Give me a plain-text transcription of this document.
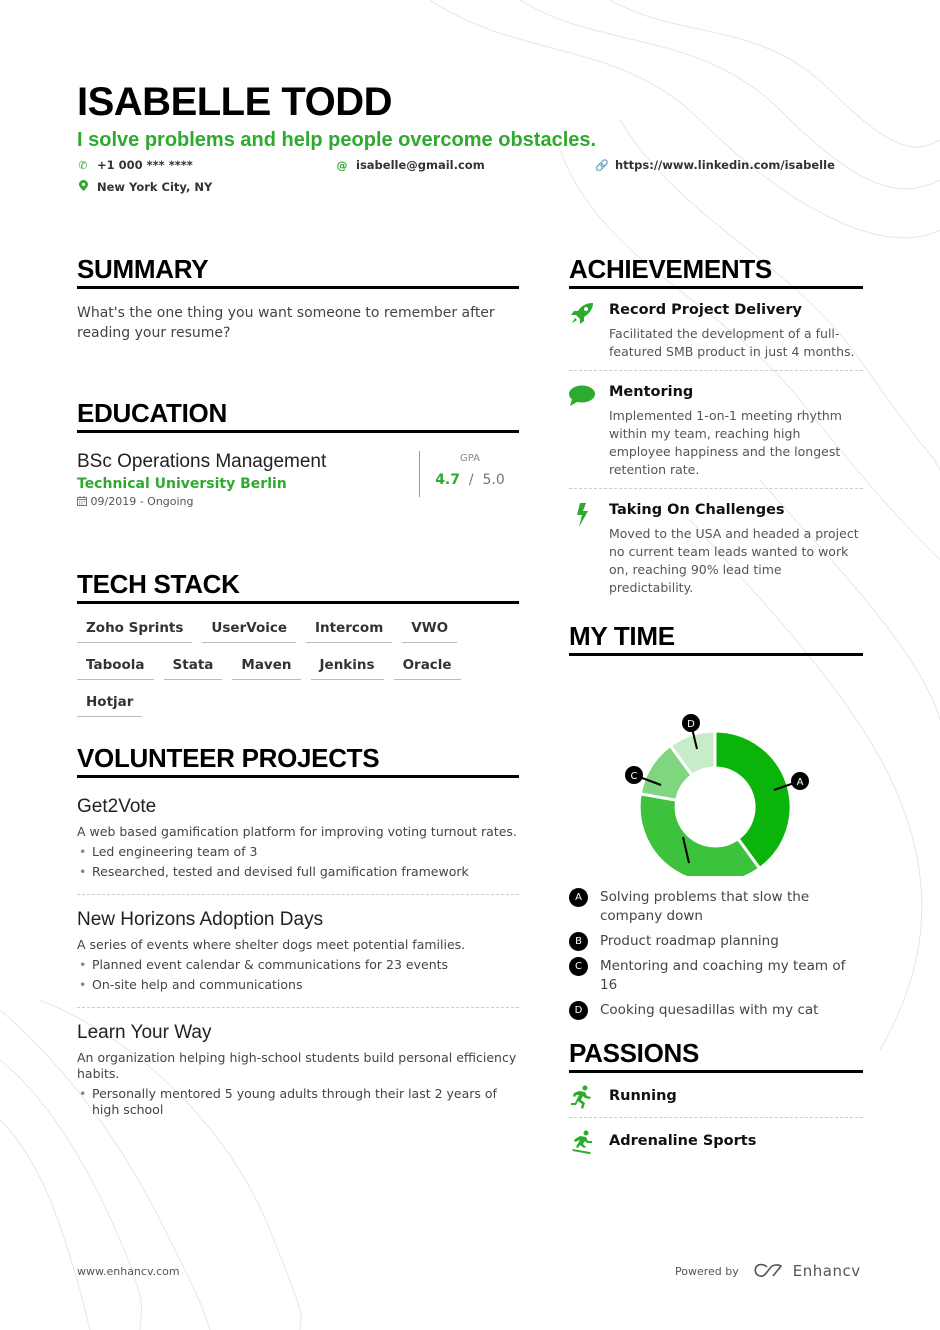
ISABELLE TODD
I solve problems and help people overcome obstacles.
✆ +1 000 *** ****	@ isabelle@gmail.com	🔗 https://www.linkedin.com/isabelle
New York City, NY
SUMMARY
What's the one thing you want someone to remember after reading your resume?
EDUCATION
BSc Operations Management
Technical University Berlin
09/2019 - Ongoing
GPA
4.7 / 5.0
TECH STACK
Zoho Sprints	UserVoice	Intercom	VWO
Taboola	Stata	Maven	Jenkins	Oracle
Hotjar
VOLUNTEER PROJECTS
Get2Vote
A web based gamification platform for improving voting turnout rates.
• Led engineering team of 3
• Researched, tested and devised full gamification framework
New Horizons Adoption Days
A series of events where shelter dogs meet potential families.
• Planned event calendar & communications for 23 events
• On-site help and communications
Learn Your Way
An organization helping high-school students build personal efficiency habits.
• Personally mentored 5 young adults through their last 2 years of high school
ACHIEVEMENTS
Record Project Delivery
Facilitated the development of a full-featured SMB product in just 4 months.
Mentoring
Implemented 1-on-1 meeting rhythm within my team, reaching high employee happiness and the longest retention rate.
Taking On Challenges
Moved to the USA and headed a project no current team leads wanted to work on, reaching 90% lead time predictability.
MY TIME
A
C
D
A	Solving problems that slow the company down
B	Product roadmap planning
C	Mentoring and coaching my team of 16
D	Cooking quesadillas with my cat
PASSIONS
Running
Adrenaline Sports
www.enhancv.com	Powered by	Enhancv
